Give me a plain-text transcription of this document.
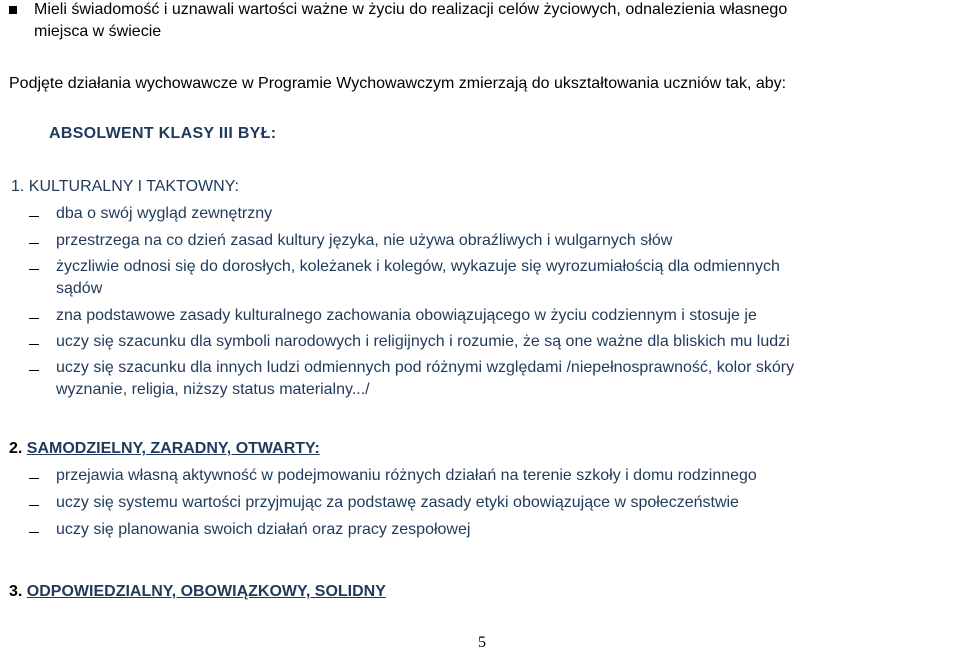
Mieli świadomość i uznawali wartości ważne w życiu do realizacji celów życiowych, odnalezienia własnego
miejsca w świecie
Podjęte działania wychowawcze w Programie Wychowawczym zmierzają do ukształtowania uczniów tak, aby:
ABSOLWENT KLASY III BYŁ:
1. KULTURALNY I TAKTOWNY:
dba o swój wygląd zewnętrzny
przestrzega na co dzień zasad kultury języka, nie używa obraźliwych i wulgarnych słów
życzliwie odnosi się do dorosłych, koleżanek i kolegów, wykazuje się wyrozumiałością dla odmiennych
sądów
zna podstawowe zasady kulturalnego zachowania obowiązującego w życiu codziennym i stosuje je
uczy się szacunku dla symboli narodowych i religijnych i rozumie, że są one ważne dla bliskich mu ludzi
uczy się szacunku dla innych ludzi odmiennych pod różnymi względami /niepełnosprawność, kolor skóry
wyznanie, religia, niższy status materialny.../
2. SAMODZIELNY, ZARADNY, OTWARTY:
przejawia własną aktywność w podejmowaniu różnych działań na terenie szkoły i domu rodzinnego
uczy się systemu wartości przyjmując za podstawę zasady etyki obowiązujące w społeczeństwie
uczy się planowania swoich działań oraz pracy zespołowej
3. ODPOWIEDZIALNY, OBOWIĄZKOWY, SOLIDNY
5
